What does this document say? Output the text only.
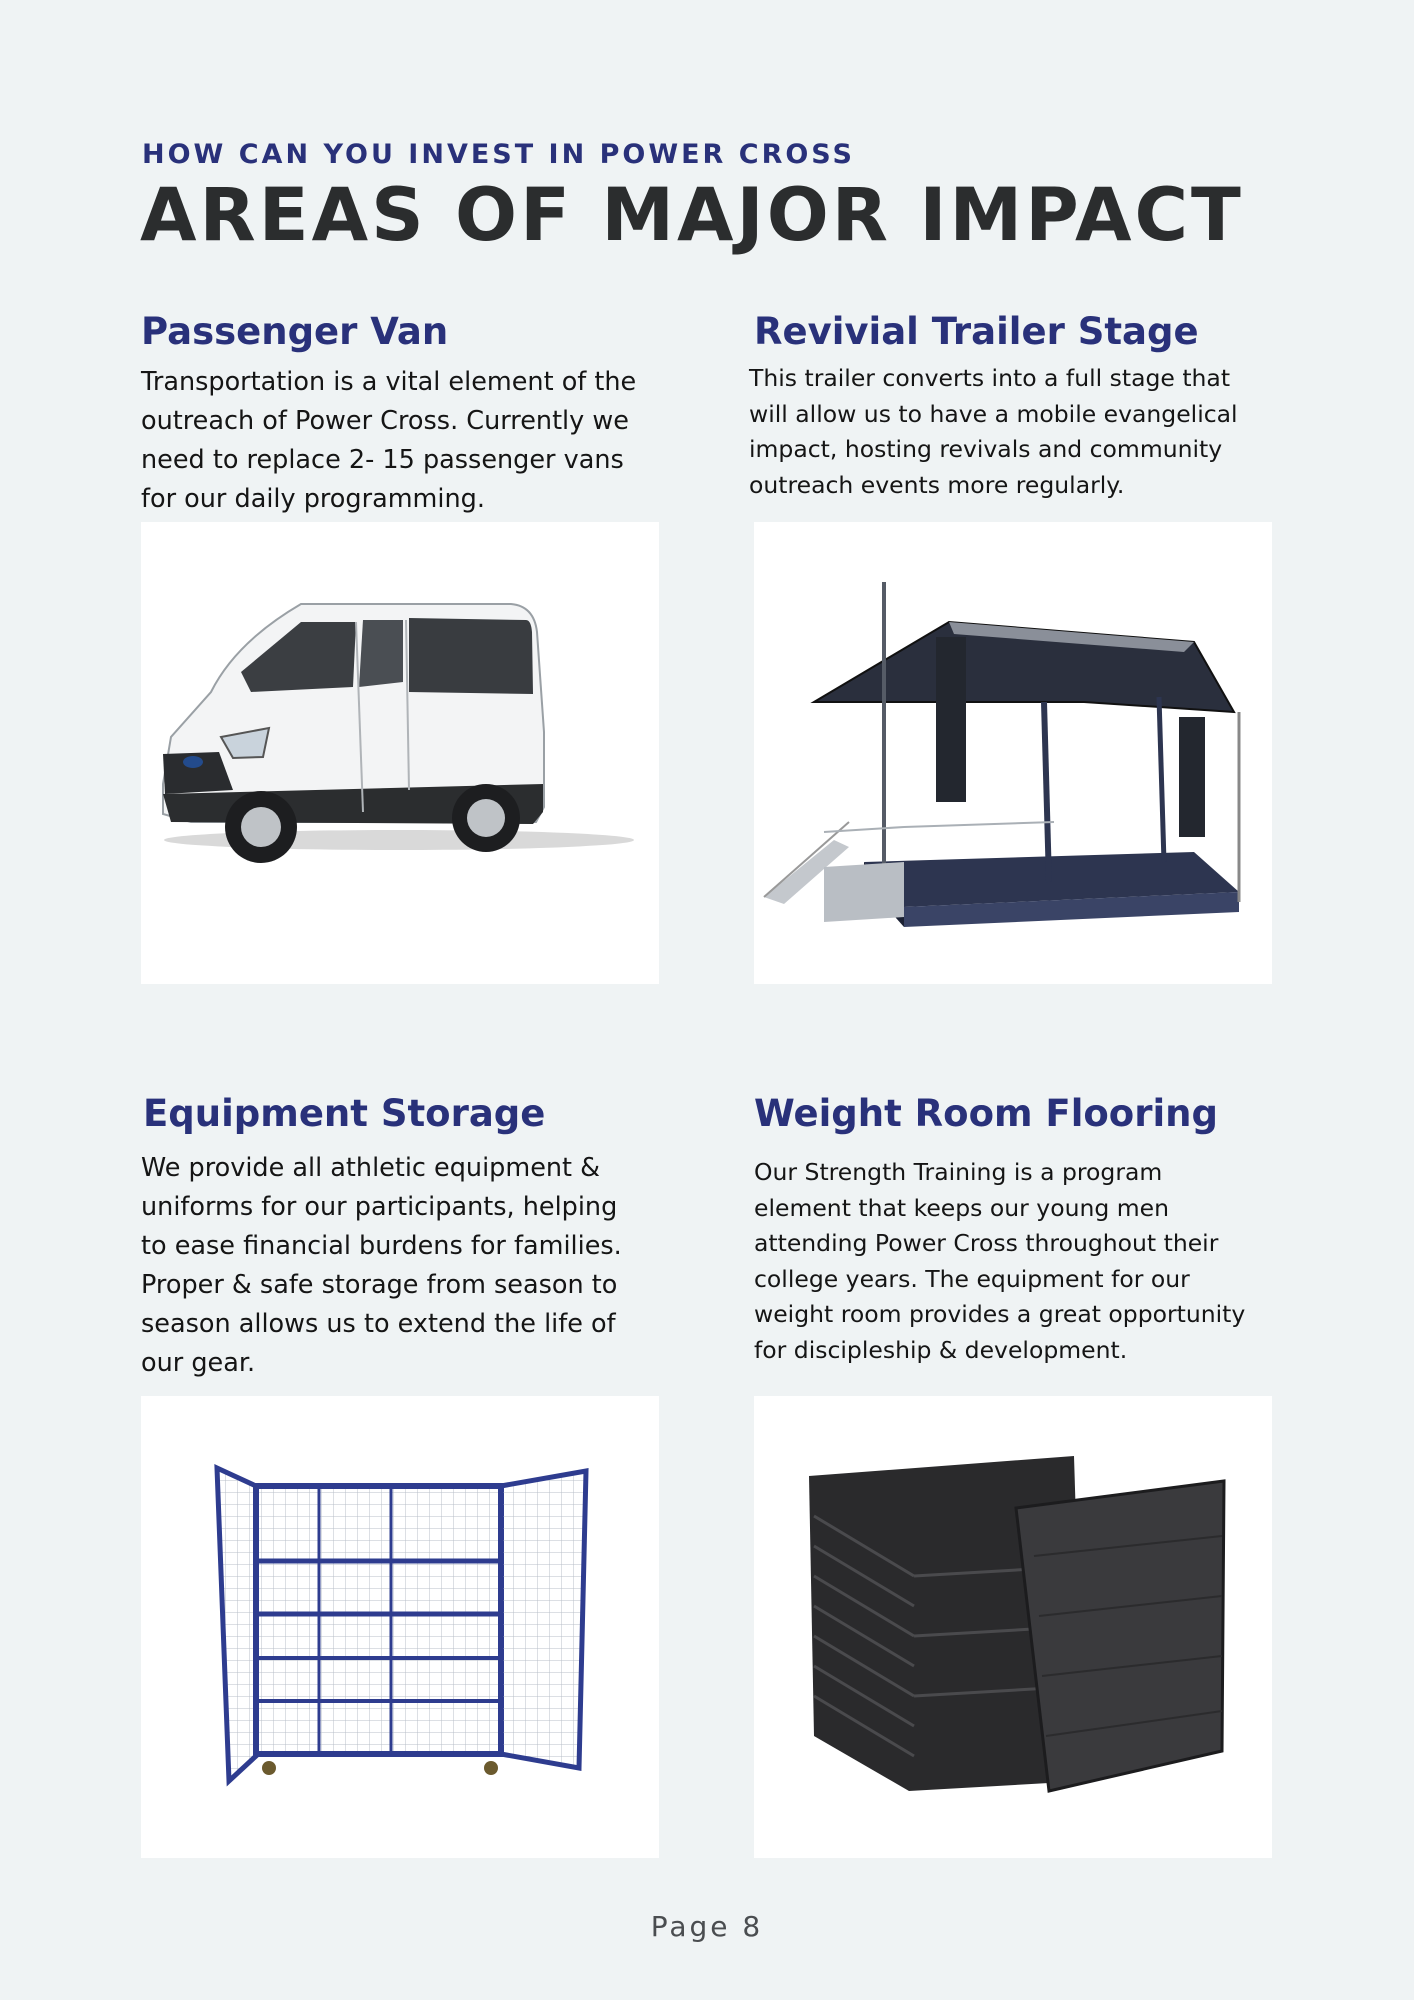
HOW CAN YOU INVEST IN POWER CROSS
AREAS OF MAJOR IMPACT
Passenger Van
Transportation is a vital element of the
outreach of Power Cross. Currently we
need to replace 2- 15 passenger vans
for our daily programming.
Revivial Trailer Stage
This trailer converts into a full stage that
will allow us to have a mobile evangelical
impact, hosting revivals and community
outreach events more regularly.
Equipment Storage
We provide all athletic equipment &
uniforms for our participants, helping
to ease financial burdens for families.
Proper & safe storage from season to
season allows us to extend the life of
our gear.
Weight Room Flooring
Our Strength Training is a program
element that keeps our young men
attending Power Cross throughout their
college years. The equipment for our
weight room provides a great opportunity
for discipleship & development.
Page 8
